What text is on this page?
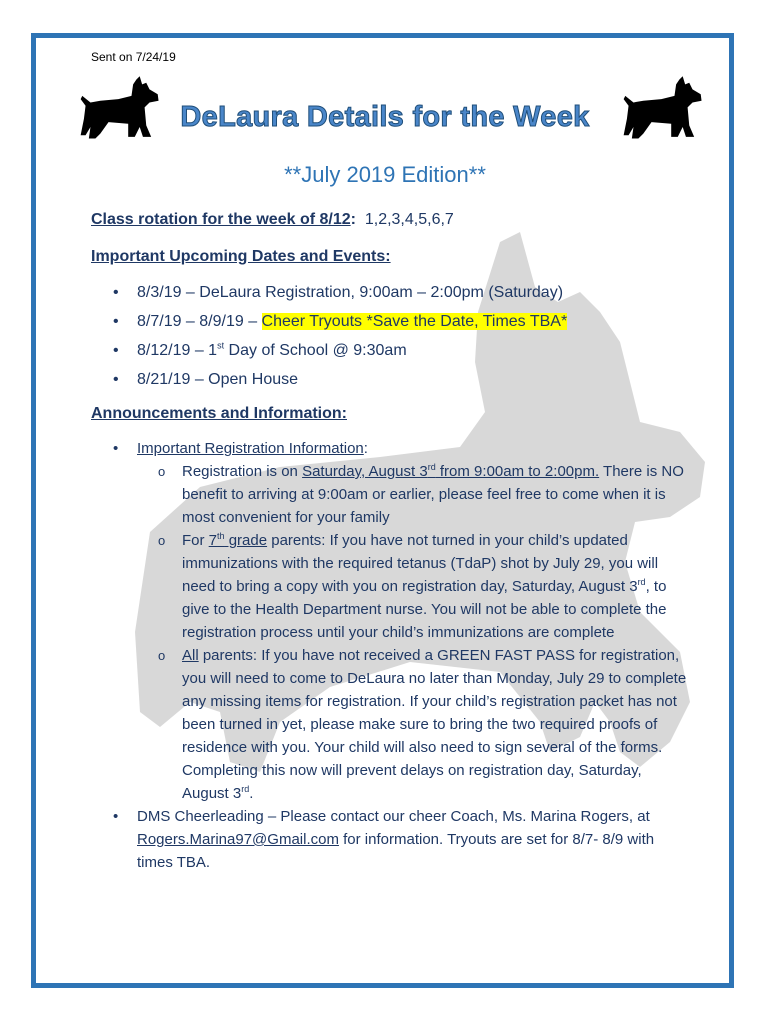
Sent on 7/24/19
DeLaura Details for the Week
**July 2019 Edition**

Class rotation for the week of 8/12: 1,2,3,4,5,6,7

Important Upcoming Dates and Events:

• 8/3/19 – DeLaura Registration, 9:00am – 2:00pm (Saturday)
• 8/7/19 – 8/9/19 – Cheer Tryouts *Save the Date, Times TBA*
• 8/12/19 – 1st Day of School @ 9:30am
• 8/21/19 – Open House

Announcements and Information:

• Important Registration Information:
o Registration is on Saturday, August 3rd from 9:00am to 2:00pm. There is NO benefit to arriving at 9:00am or earlier, please feel free to come when it is most convenient for your family
o For 7th grade parents: If you have not turned in your child’s updated immunizations with the required tetanus (TdaP) shot by July 29, you will need to bring a copy with you on registration day, Saturday, August 3rd, to give to the Health Department nurse. You will not be able to complete the registration process until your child’s immunizations are complete
o All parents: If you have not received a GREEN FAST PASS for registration, you will need to come to DeLaura no later than Monday, July 29 to complete any missing items for registration. If your child’s registration packet has not been turned in yet, please make sure to bring the two required proofs of residence with you. Your child will also need to sign several of the forms. Completing this now will prevent delays on registration day, Saturday, August 3rd.
• DMS Cheerleading – Please contact our cheer Coach, Ms. Marina Rogers, at Rogers.Marina97@Gmail.com for information. Tryouts are set for 8/7- 8/9 with times TBA.
